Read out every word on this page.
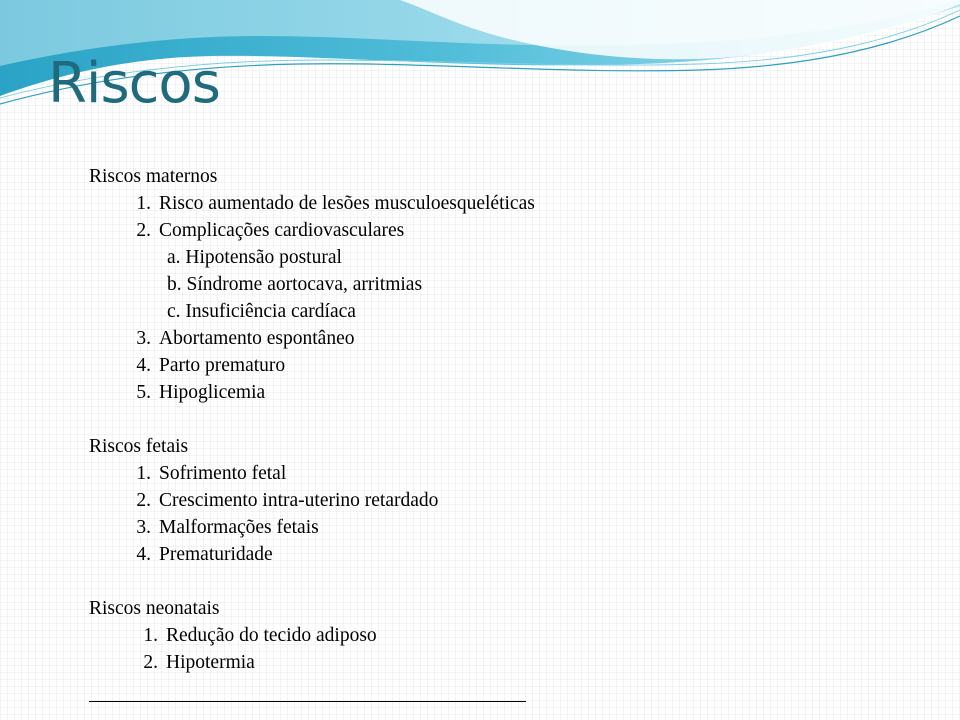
Riscos
Riscos maternos
1. Risco aumentado de lesões musculoesqueléticas
2. Complicações cardiovasculares
a. Hipotensão postural
b. Síndrome aortocava, arritmias
c. Insuficiência cardíaca
3. Abortamento espontâneo
4. Parto prematuro
5. Hipoglicemia
Riscos fetais
1. Sofrimento fetal
2. Crescimento intra-uterino retardado
3. Malformações fetais
4. Prematuridade
Riscos neonatais
1. Redução do tecido adiposo
2. Hipotermia
